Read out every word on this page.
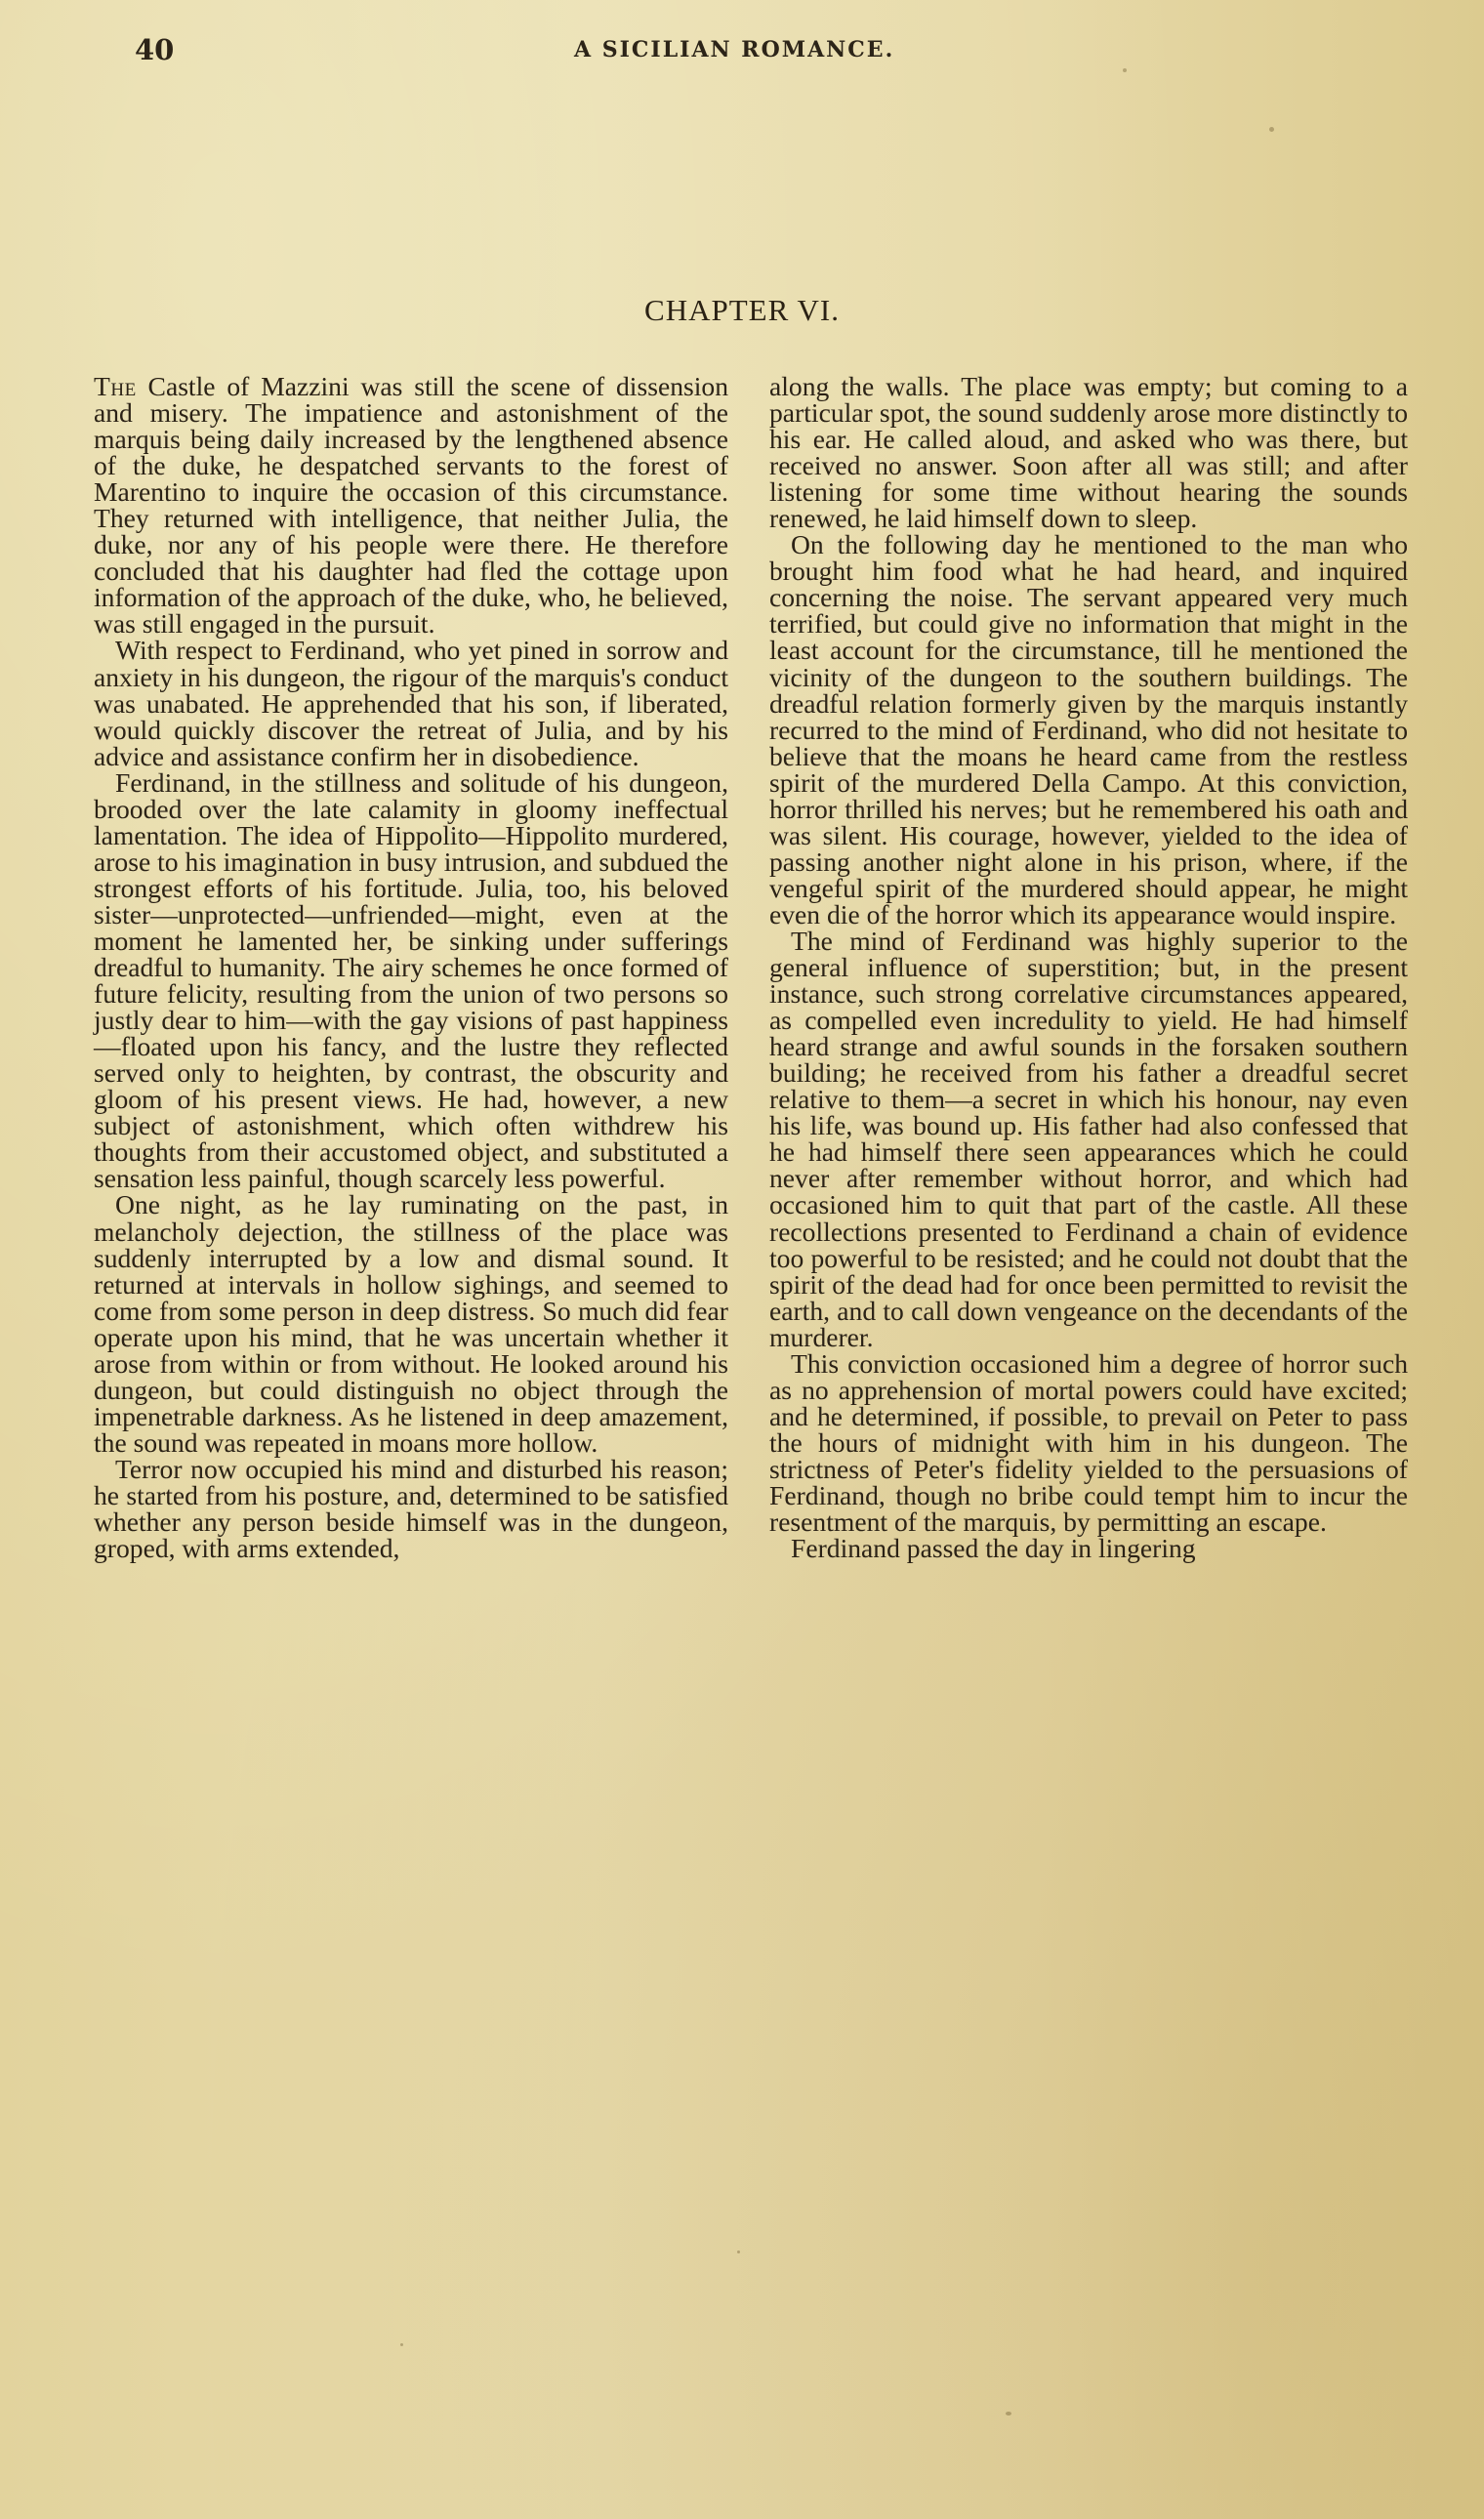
40	A SICILIAN ROMANCE.
CHAPTER VI.

The Castle of Mazzini was still the scene of dissension and misery. The impatience and astonishment of the marquis being daily increased by the lengthened absence of the duke, he despatched servants to the forest of Marentino to inquire the occasion of this circumstance. They returned with intelligence, that neither Julia, the duke, nor any of his people were there. He therefore concluded that his daughter had fled the cottage upon information of the approach of the duke, who, he believed, was still engaged in the pursuit.

With respect to Ferdinand, who yet pined in sorrow and anxiety in his dungeon, the rigour of the marquis's conduct was unabated. He apprehended that his son, if liberated, would quickly discover the retreat of Julia, and by his advice and assistance confirm her in disobedience.

Ferdinand, in the stillness and solitude of his dungeon, brooded over the late calamity in gloomy ineffectual lamentation. The idea of Hippolito—Hippolito murdered, arose to his imagination in busy intrusion, and subdued the strongest efforts of his fortitude. Julia, too, his beloved sister—unprotected—unfriended—might, even at the moment he lamented her, be sinking under sufferings dreadful to humanity. The airy schemes he once formed of future felicity, resulting from the union of two persons so justly dear to him—with the gay visions of past happiness—floated upon his fancy, and the lustre they reflected served only to heighten, by contrast, the obscurity and gloom of his present views. He had, however, a new subject of astonishment, which often withdrew his thoughts from their accustomed object, and substituted a sensation less painful, though scarcely less powerful.

One night, as he lay ruminating on the past, in melancholy dejection, the stillness of the place was suddenly interrupted by a low and dismal sound. It returned at intervals in hollow sighings, and seemed to come from some person in deep distress. So much did fear operate upon his mind, that he was uncertain whether it arose from within or from without. He looked around his dungeon, but could distinguish no object through the impenetrable darkness. As he listened in deep amazement, the sound was repeated in moans more hollow.

Terror now occupied his mind and disturbed his reason; he started from his posture, and, determined to be satisfied whether any person beside himself was in the dungeon, groped, with arms extended,

along the walls. The place was empty; but coming to a particular spot, the sound suddenly arose more distinctly to his ear. He called aloud, and asked who was there, but received no answer. Soon after all was still; and after listening for some time without hearing the sounds renewed, he laid himself down to sleep.

On the following day he mentioned to the man who brought him food what he had heard, and inquired concerning the noise. The servant appeared very much terrified, but could give no information that might in the least account for the circumstance, till he mentioned the vicinity of the dungeon to the southern buildings. The dreadful relation formerly given by the marquis instantly recurred to the mind of Ferdinand, who did not hesitate to believe that the moans he heard came from the restless spirit of the murdered Della Campo. At this conviction, horror thrilled his nerves; but he remembered his oath and was silent. His courage, however, yielded to the idea of passing another night alone in his prison, where, if the vengeful spirit of the murdered should appear, he might even die of the horror which its appearance would inspire.

The mind of Ferdinand was highly superior to the general influence of superstition; but, in the present instance, such strong correlative circumstances appeared, as compelled even incredulity to yield. He had himself heard strange and awful sounds in the forsaken southern building; he received from his father a dreadful secret relative to them—a secret in which his honour, nay even his life, was bound up. His father had also confessed that he had himself there seen appearances which he could never after remember without horror, and which had occasioned him to quit that part of the castle. All these recollections presented to Ferdinand a chain of evidence too powerful to be resisted; and he could not doubt that the spirit of the dead had for once been permitted to revisit the earth, and to call down vengeance on the decendants of the murderer.

This conviction occasioned him a degree of horror such as no apprehension of mortal powers could have excited; and he determined, if possible, to prevail on Peter to pass the hours of midnight with him in his dungeon. The strictness of Peter's fidelity yielded to the persuasions of Ferdinand, though no bribe could tempt him to incur the resentment of the marquis, by permitting an escape.

Ferdinand passed the day in lingering
